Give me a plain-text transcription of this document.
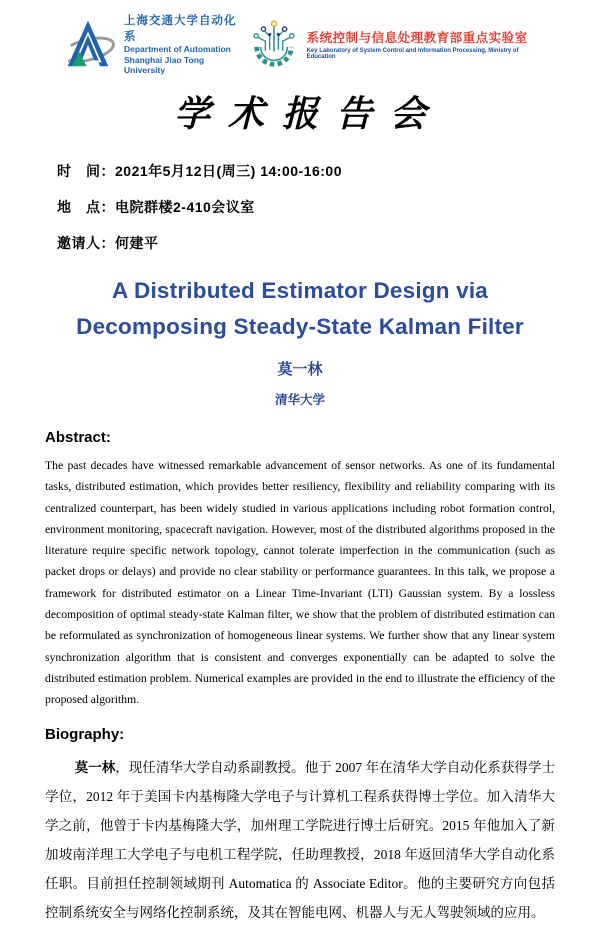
上海交通大学自动化系
Department of Automation
Shanghai Jiao Tong University
系统控制与信息处理教育部重点实验室
Key Laboratory of System Control and Information Processing, Ministry of Education
学术报告会
时　间：2021年5月12日(周三) 14:00-16:00
地　点：电院群楼2-410会议室
邀请人：何建平
A Distributed Estimator Design via
Decomposing Steady-State Kalman Filter
莫一林
清华大学
Abstract:

The past decades have witnessed remarkable advancement of sensor networks. As one of its fundamental tasks, distributed estimation, which provides better resiliency, flexibility and reliability comparing with its centralized counterpart, has been widely studied in various applications including robot formation control, environment monitoring, spacecraft navigation. However, most of the distributed algorithms proposed in the literature require specific network topology, cannot tolerate imperfection in the communication (such as packet drops or delays) and provide no clear stability or performance guarantees. In this talk, we propose a framework for distributed estimator on a Linear Time-Invariant (LTI) Gaussian system. By a lossless decomposition of optimal steady-state Kalman filter, we show that the problem of distributed estimation can be reformulated as synchronization of homogeneous linear systems. We further show that any linear system synchronization algorithm that is consistent and converges exponentially can be adapted to solve the distributed estimation problem. Numerical examples are provided in the end to illustrate the efficiency of the proposed algorithm.

Biography:

莫一林，现任清华大学自动系副教授。他于 2007 年在清华大学自动化系获得学士学位，2012 年于美国卡内基梅隆大学电子与计算机工程系获得博士学位。加入清华大学之前，他曾于卡内基梅隆大学，加州理工学院进行博士后研究。2015 年他加入了新加坡南洋理工大学电子与电机工程学院，任助理教授，2018 年返回清华大学自动化系任职。目前担任控制领域期刊 Automatica 的 Associate Editor。他的主要研究方向包括控制系统安全与网络化控制系统，及其在智能电网、机器人与无人驾驶领域的应用。
